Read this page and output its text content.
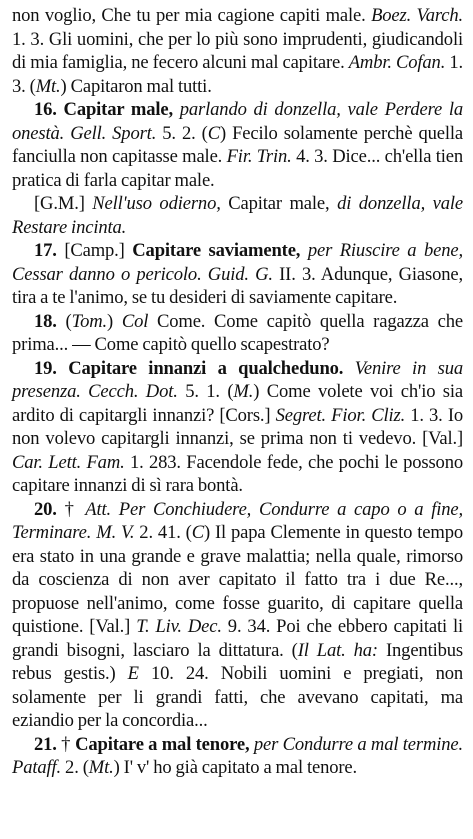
non voglio, Che tu per mia cagione capiti male. Boez. Varch. 1. 3. Gli uomini, che per lo più sono imprudenti, giudicandoli di mia famiglia, ne fecero alcuni mal capitare. Ambr. Cofan. 1. 3. (Mt.) Capitaron mal tutti.

16. Capitar male, parlando di donzella, vale Perdere la onestà. Gell. Sport. 5. 2. (C) Fecilo solamente perchè quella fanciulla non capitasse male. Fir. Trin. 4. 3. Dice... ch'ella tien pratica di farla capitar male.

[G.M.] Nell'uso odierno, Capitar male, di donzella, vale Restare incinta.

17. [Camp.] Capitare saviamente, per Riuscire a bene, Cessar danno o pericolo. Guid. G. II. 3. Adunque, Giasone, tira a te l'animo, se tu desideri di saviamente capitare.

18. (Tom.) Col Come. Come capitò quella ragazza che prima... — Come capitò quello scapestrato?

19. Capitare innanzi a qualcheduno. Venire in sua presenza. Cecch. Dot. 5. 1. (M.) Come volete voi ch'io sia ardito di capitargli innanzi? [Cors.] Segret. Fior. Cliz. 1. 3. Io non volevo capitargli innanzi, se prima non ti vedevo. [Val.] Car. Lett. Fam. 1. 283. Facendole fede, che pochi le possono capitare innanzi di sì rara bontà.

20. † Att. Per Conchiudere, Condurre a capo o a fine, Terminare. M. V. 2. 41. (C) Il papa Clemente in questo tempo era stato in una grande e grave malattia; nella quale, rimorso da coscienza di non aver capitato il fatto tra i due Re..., propuose nell'animo, come fosse guarito, di capitare quella quistione. [Val.] T. Liv. Dec. 9. 34. Poi che ebbero capitati li grandi bisogni, lasciaro la dittatura. (Il Lat. ha: Ingentibus rebus gestis.) E 10. 24. Nobili uomini e pregiati, non solamente per li grandi fatti, che avevano capitati, ma eziandio per la concordia...

21. † Capitare a mal tenore, per Condurre a mal termine. Pataff. 2. (Mt.) I' v' ho già capitato a mal tenore.
